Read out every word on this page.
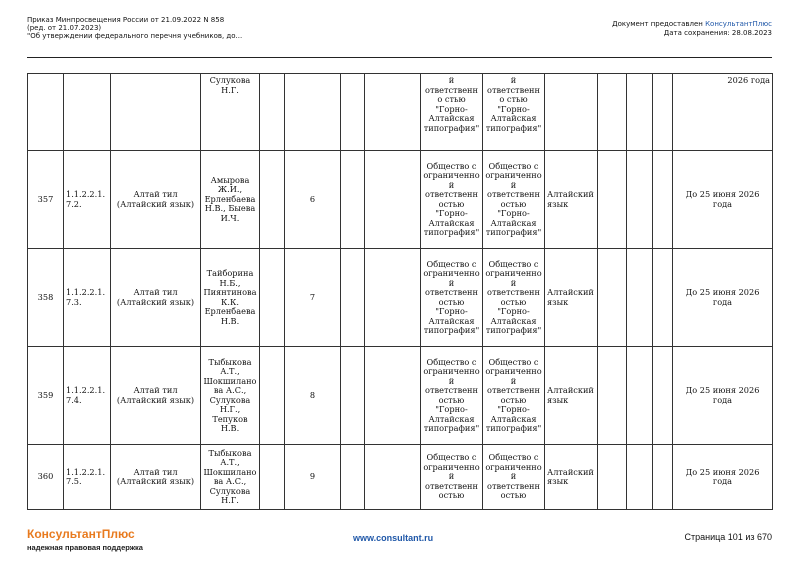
Приказ Минпросвещения России от 21.09.2022 N 858
(ред. от 21.07.2023)
"Об утверждении федерального перечня учебников, до...
Документ предоставлен КонсультантПлюс
Дата сохранения: 28.08.2023
			Сулукова Н.Г.					й ответственно стью "Горно-Алтайская типография"	й ответственно стью "Горно-Алтайская типография"					2026 года
357	1.1.2.2.1.7.2.	Алтай тил (Алтайский язык)	Амырова Ж.И., Ерленбаева Н.В., Быева И.Ч.		6			Общество с ограниченной ответственностью "Горно-Алтайская типография"	Общество с ограниченной ответственностью "Горно-Алтайская типография"	Алтайский язык				До 25 июня 2026 года
358	1.1.2.2.1.7.3.	Алтай тил (Алтайский язык)	Тайборина Н.Б., Пиянтинова К.К. Ерленбаева Н.В.		7			Общество с ограниченной ответственностью "Горно-Алтайская типография"	Общество с ограниченной ответственностью "Горно-Алтайская типография"	Алтайский язык				До 25 июня 2026 года
359	1.1.2.2.1.7.4.	Алтай тил (Алтайский язык)	Тыбыкова А.Т., Шокшиланова А.С., Сулукова Н.Г., Тепуков Н.В.		8			Общество с ограниченной ответственностью "Горно-Алтайская типография"	Общество с ограниченной ответственностью "Горно-Алтайская типография"	Алтайский язык				До 25 июня 2026 года
360	1.1.2.2.1.7.5.	Алтай тил (Алтайский язык)	Тыбыкова А.Т., Шокшиланова А.С., Сулукова Н.Г.		9			Общество с ограниченной ответственностью	Общество с ограниченной ответственностью	Алтайский язык				До 25 июня 2026 года
КонсультантПлюс
надежная правовая поддержка
www.consultant.ru	Страница 101 из 670
